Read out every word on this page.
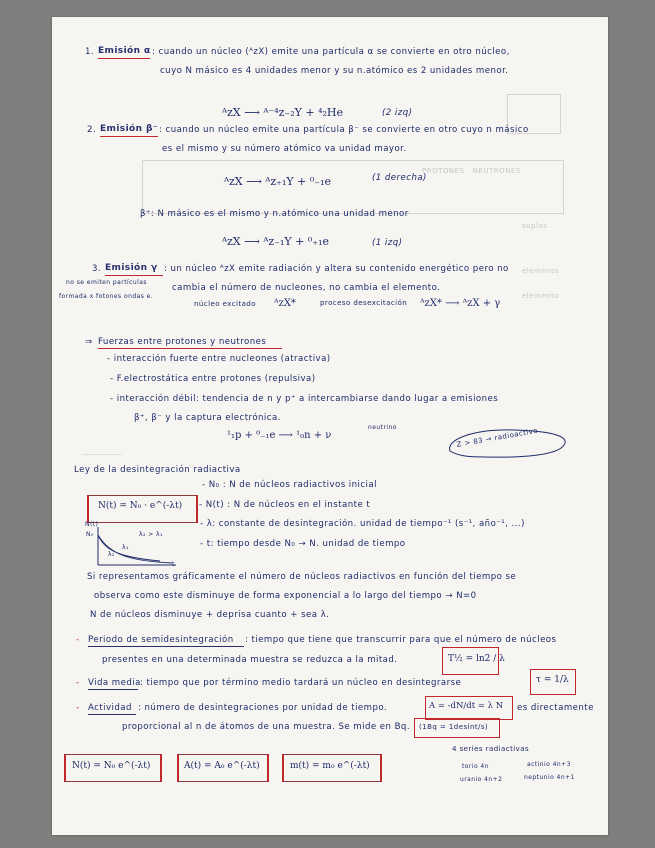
PROTONES   NEUTRONES
suplos
elemento
elemento
__________
1. Emisión α : cuando un núcleo (ᴬzX) emite una partícula α se convierte en otro núcleo,
cuyo N másico es 4 unidades menor y su n.atómico es 2 unidades menor.
ᴬzX ⟶ ᴬ⁻⁴z₋₂Y + ⁴₂He	(2 izq)
2. Emisión β⁻ : cuando un núcleo emite una partícula β⁻ se convierte en otro cuyo n másico
es el mismo y su número atómico va unidad mayor.
ᴬzX ⟶ ᴬz₊₁Y + ⁰₋₁e	(1 derecha)
β⁺: N másico es el mismo y n.atómico una unidad menor
ᴬzX ⟶ ᴬz₋₁Y + ⁰₊₁e	(1 izq)
3. Emisión γ : un núcleo ᴬzX emite radiación y altera su contenido energético pero no
no se emiten partículas
formada x fotones ondas e.
cambia el número de nucleones, no cambia el elemento.
núcleo excitado ᴬzX*	proceso desexcitación ᴬzX* ⟶ ᴬzX + γ
⇒ Fuerzas entre protones y neutrones
- interacción fuerte entre nucleones (atractiva)
- F.electrostática entre protones (repulsiva)
- interacción débil: tendencia de n y p⁺ a intercambiarse dando lugar a emisiones
β⁺, β⁻ y la captura electrónica.
¹₁p + ⁰₋₁e ⟶ ¹₀n + ν
neutrino	Z > 83 → radioactivo
Ley de la desintegración radiactiva
N(t) = N₀ · e^(-λt)
- N₀ : N de núcleos radiactivos inicial
- N(t) : N de núcleos en el instante t
- λ: constante de desintegración. unidad de tiempo⁻¹ (s⁻¹, año⁻¹, ...)
- t: tiempo desde N₀ → N. unidad de tiempo
N(t)
N₀	λ₂ > λ₁
λ₁
λ₂
t
Si representamos gráficamente el número de núcleos radiactivos en función del tiempo se
observa como este disminuye de forma exponencial a lo largo del tiempo → N=0
N de núcleos disminuye + deprisa cuanto + sea λ.
- Periodo de semidesintegración : tiempo que tiene que transcurrir para que el número de núcleos
presentes en una determinada muestra se reduzca a la mitad.	T½ = ln2 / λ
- Vida media : tiempo que por término medio tardará un núcleo en desintegrarse	τ = 1/λ
- Actividad : número de desintegraciones por unidad de tiempo.	A = -dN/dt = λ N es directamente
proporcional al n de átomos de una muestra. Se mide en Bq. (1Bq = 1desint/s)
N(t) = N₀ e^(-λt)	A(t) = A₀ e^(-λt)	m(t) = m₀ e^(-λt)
4 series radiactivas
torio 4n	actinio 4n+3
uranio 4n+2	neptunio 4n+1
